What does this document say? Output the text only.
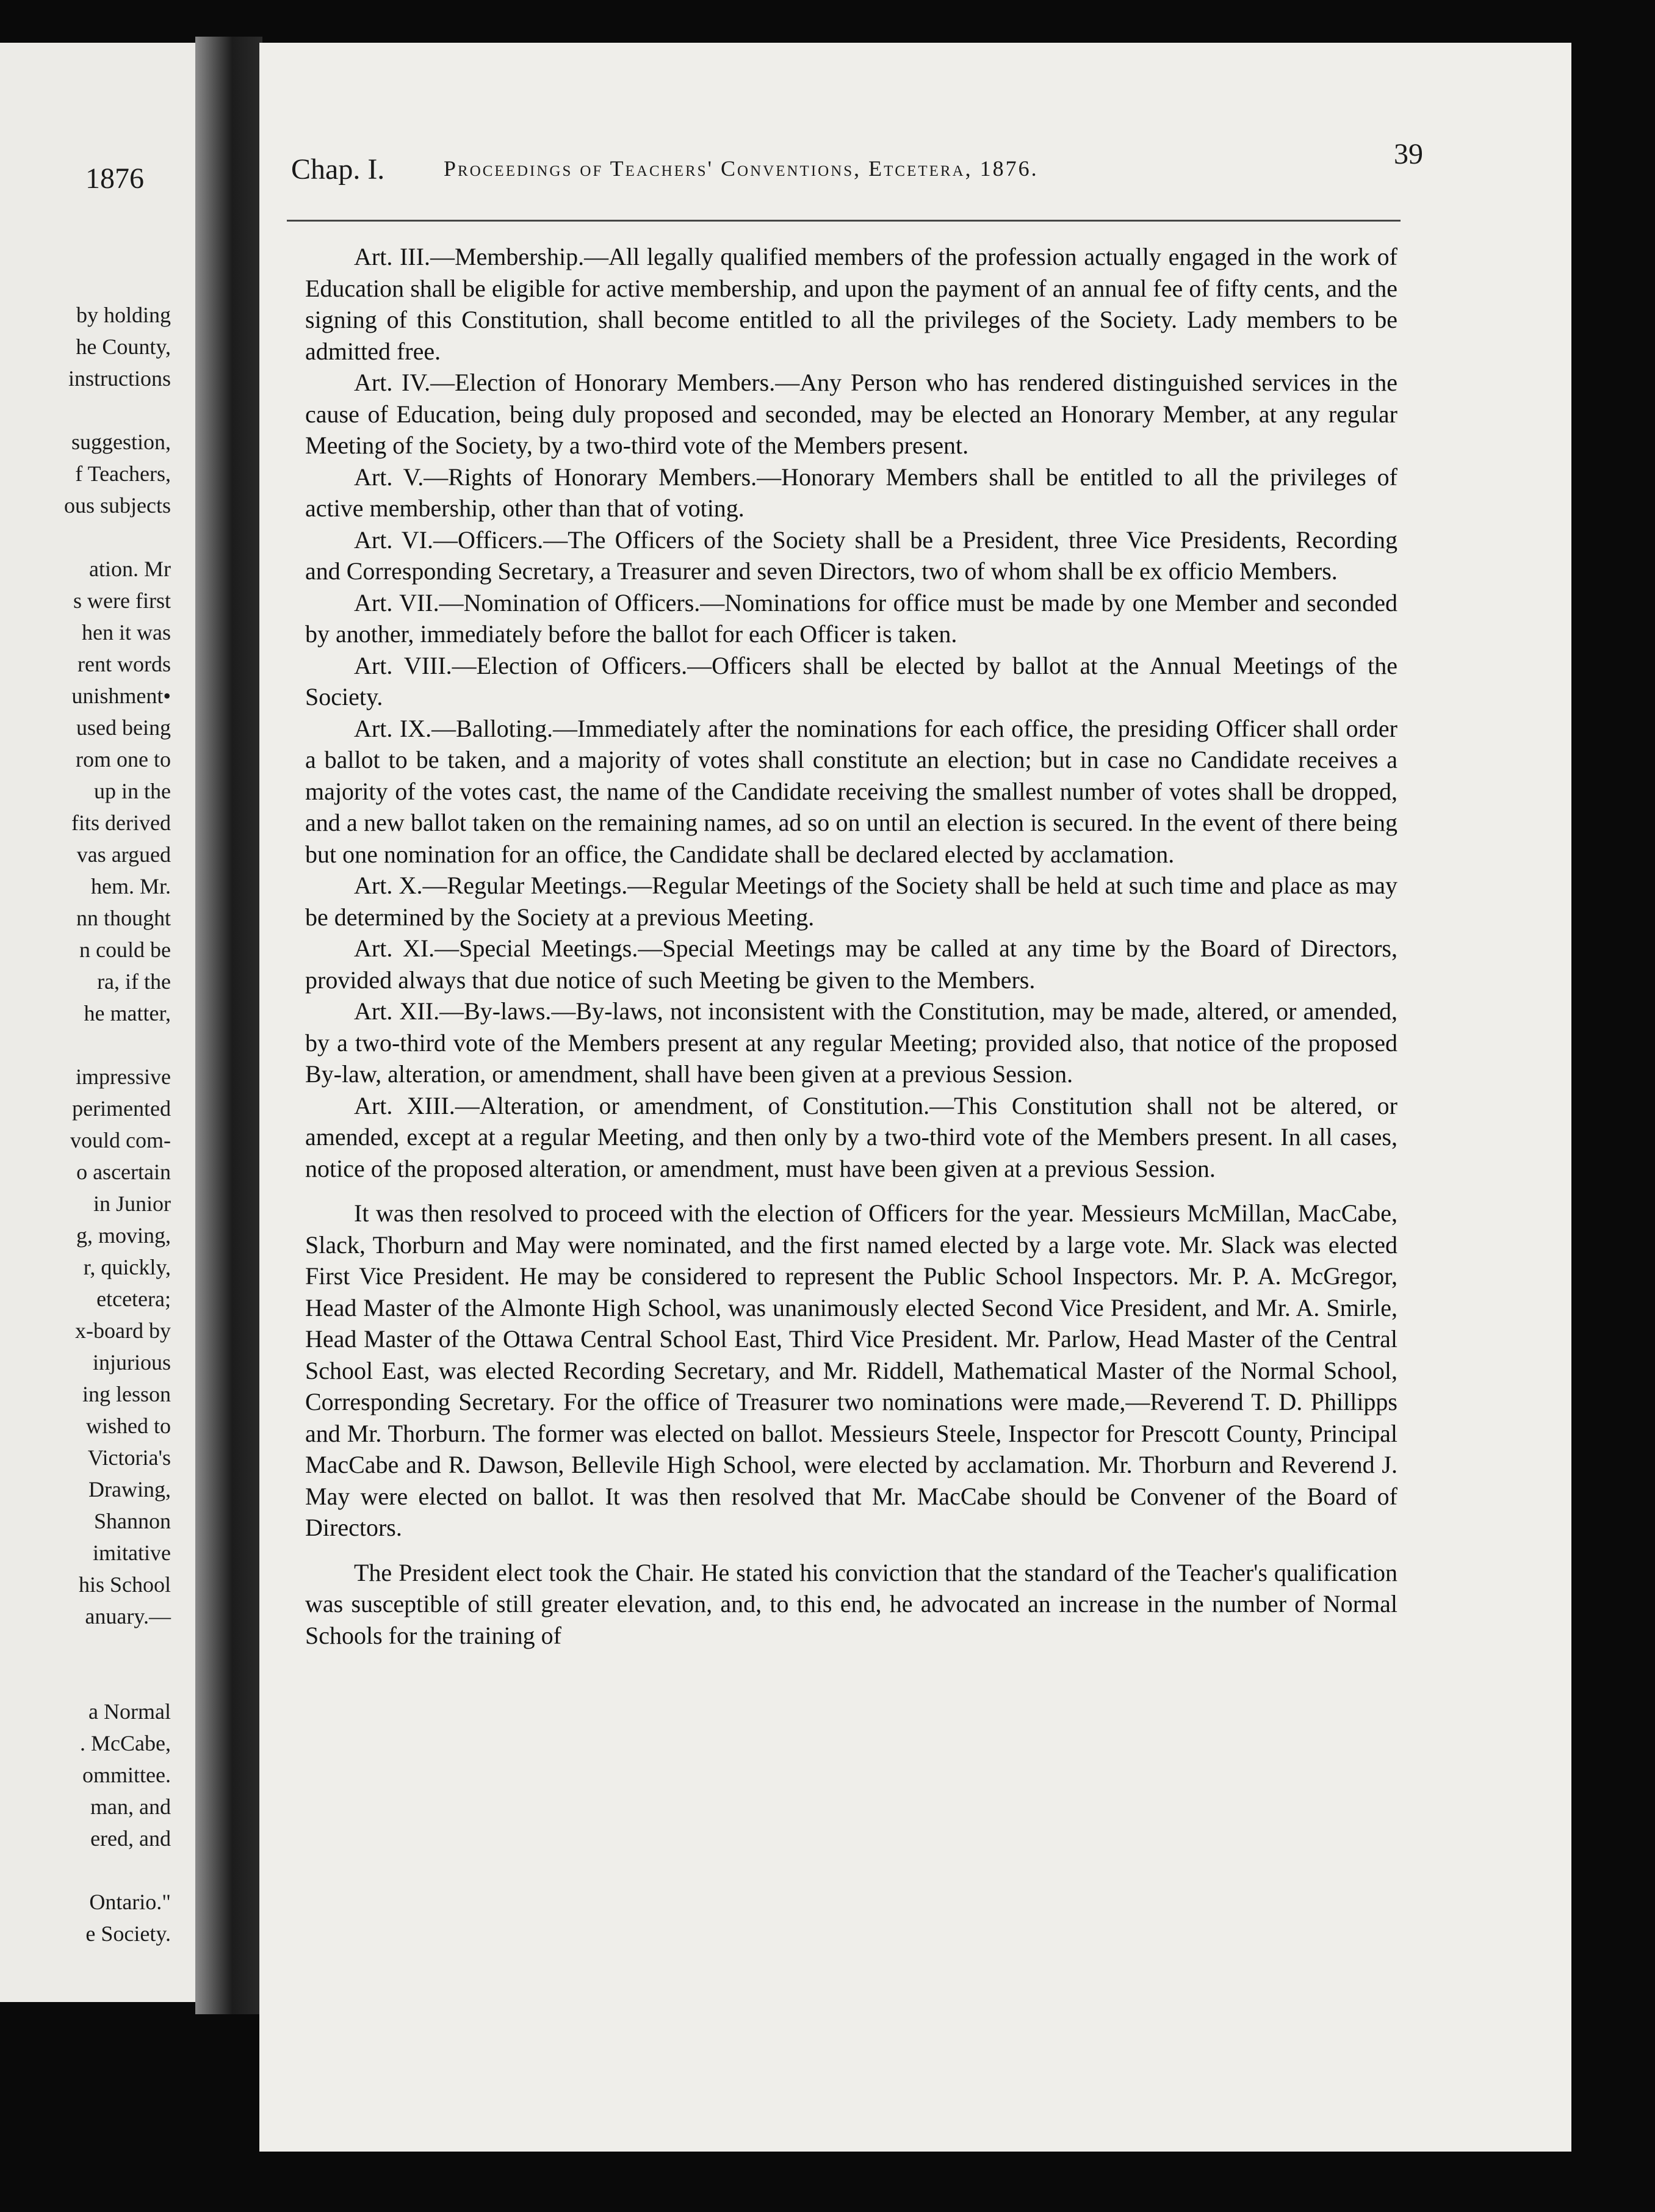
1876
by holding
he County,
instructions
suggestion,
f Teachers,
ous subjects
ation. Mr
s were first
hen it was
rent words
unishment•
used being
rom one to
up in the
fits derived
vas argued
hem. Mr.
nn thought
n could be
ra, if the
he matter,
impressive
perimented
vould com-
o ascertain
in Junior
g, moving,
r, quickly,
etcetera;
x-board by
injurious
ing lesson
wished to
Victoria's
Drawing,
Shannon
imitative
his School
anuary.—
a Normal
. McCabe,
ommittee.
man, and
ered, and
Ontario."
e Society.
Chap. I.	Proceedings of Teachers' Conventions, Etcetera, 1876.	39

Art. III.—Membership.—All legally qualified members of the profession actually engaged in the work of Education shall be eligible for active membership, and upon the payment of an annual fee of fifty cents, and the signing of this Constitution, shall become entitled to all the privileges of the Society. Lady members to be admitted free.

Art. IV.—Election of Honorary Members.—Any Person who has rendered distinguished services in the cause of Education, being duly proposed and seconded, may be elected an Honorary Member, at any regular Meeting of the Society, by a two-third vote of the Members present.

Art. V.—Rights of Honorary Members.—Honorary Members shall be entitled to all the privileges of active membership, other than that of voting.

Art. VI.—Officers.—The Officers of the Society shall be a President, three Vice Presidents, Recording and Corresponding Secretary, a Treasurer and seven Directors, two of whom shall be ex officio Members.

Art. VII.—Nomination of Officers.—Nominations for office must be made by one Member and seconded by another, immediately before the ballot for each Officer is taken.

Art. VIII.—Election of Officers.—Officers shall be elected by ballot at the Annual Meetings of the Society.

Art. IX.—Balloting.—Immediately after the nominations for each office, the presiding Officer shall order a ballot to be taken, and a majority of votes shall constitute an election; but in case no Candidate receives a majority of the votes cast, the name of the Candidate receiving the smallest number of votes shall be dropped, and a new ballot taken on the remaining names, ad so on until an election is secured. In the event of there being but one nomination for an office, the Candidate shall be declared elected by acclamation.

Art. X.—Regular Meetings.—Regular Meetings of the Society shall be held at such time and place as may be determined by the Society at a previous Meeting.

Art. XI.—Special Meetings.—Special Meetings may be called at any time by the Board of Directors, provided always that due notice of such Meeting be given to the Members.

Art. XII.—By-laws.—By-laws, not inconsistent with the Constitution, may be made, altered, or amended, by a two-third vote of the Members present at any regular Meeting; provided also, that notice of the proposed By-law, alteration, or amendment, shall have been given at a previous Session.

Art. XIII.—Alteration, or amendment, of Constitution.—This Constitution shall not be altered, or amended, except at a regular Meeting, and then only by a two-third vote of the Members present. In all cases, notice of the proposed alteration, or amendment, must have been given at a previous Session.

It was then resolved to proceed with the election of Officers for the year. Messieurs McMillan, MacCabe, Slack, Thorburn and May were nominated, and the first named elected by a large vote. Mr. Slack was elected First Vice President. He may be considered to represent the Public School Inspectors. Mr. P. A. McGregor, Head Master of the Almonte High School, was unanimously elected Second Vice President, and Mr. A. Smirle, Head Master of the Ottawa Central School East, Third Vice President. Mr. Parlow, Head Master of the Central School East, was elected Recording Secretary, and Mr. Riddell, Mathematical Master of the Normal School, Corresponding Secretary. For the office of Treasurer two nominations were made,—Reverend T. D. Phillipps and Mr. Thorburn. The former was elected on ballot. Messieurs Steele, Inspector for Prescott County, Principal MacCabe and R. Dawson, Bellevile High School, were elected by acclamation. Mr. Thorburn and Reverend J. May were elected on ballot. It was then resolved that Mr. MacCabe should be Convener of the Board of Directors.

The President elect took the Chair. He stated his conviction that the standard of the Teacher's qualification was susceptible of still greater elevation, and, to this end, he advocated an increase in the number of Normal Schools for the training of
